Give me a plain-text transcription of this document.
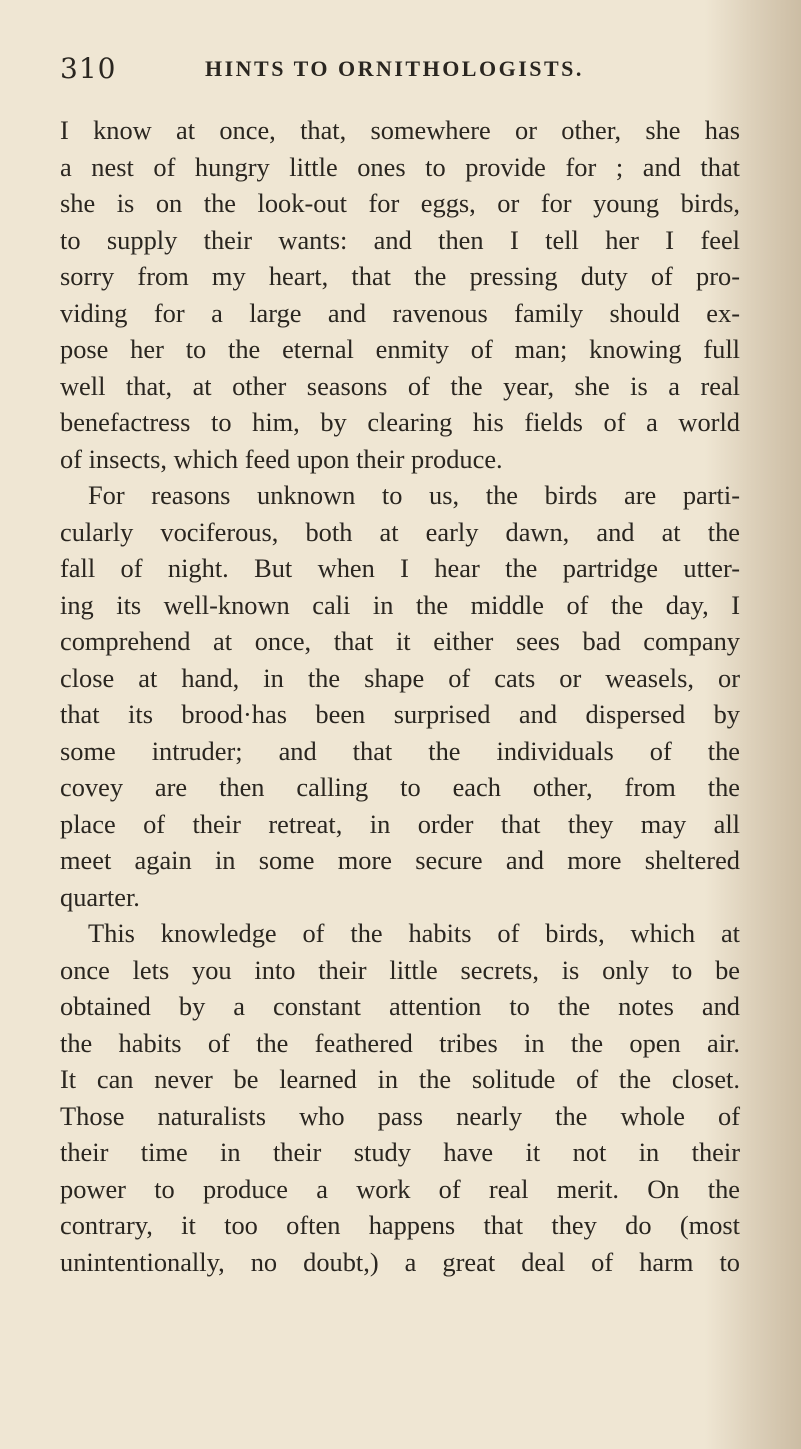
310	HINTS TO ORNITHOLOGISTS.
I know at once, that, somewhere or other, she has
a nest of hungry little ones to provide for ; and that
she is on the look-out for eggs, or for young birds,
to supply their wants: and then I tell her I feel
sorry from my heart, that the pressing duty of pro-
viding for a large and ravenous family should ex-
pose her to the eternal enmity of man; knowing full
well that, at other seasons of the year, she is a real
benefactress to him, by clearing his fields of a world
of insects, which feed upon their produce.
For reasons unknown to us, the birds are parti-
cularly vociferous, both at early dawn, and at the
fall of night. But when I hear the partridge utter-
ing its well-known cali in the middle of the day, I
comprehend at once, that it either sees bad company
close at hand, in the shape of cats or weasels, or
that its brood·has been surprised and dispersed by
some intruder; and that the individuals of the
covey are then calling to each other, from the
place of their retreat, in order that they may all
meet again in some more secure and more sheltered
quarter.
This knowledge of the habits of birds, which at
once lets you into their little secrets, is only to be
obtained by a constant attention to the notes and
the habits of the feathered tribes in the open air.
It can never be learned in the solitude of the closet.
Those naturalists who pass nearly the whole of
their time in their study have it not in their
power to produce a work of real merit. On the
contrary, it too often happens that they do (most
unintentionally, no doubt,) a great deal of harm to
